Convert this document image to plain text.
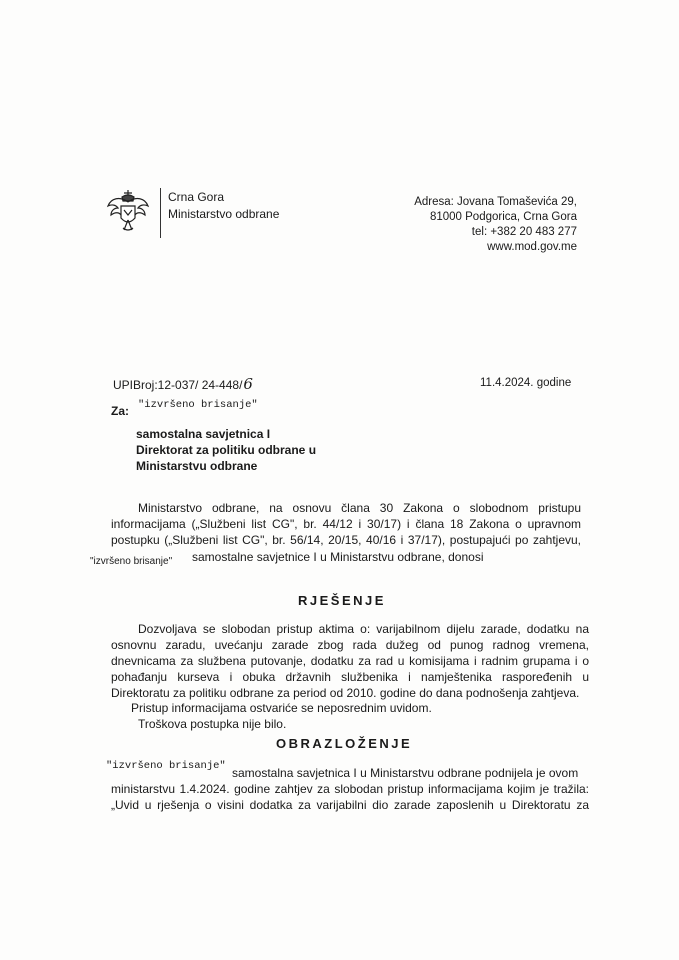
Crna Gora
Ministarstvo odbrane
Adresa: Jovana Tomaševića 29,
81000 Podgorica, Crna Gora
tel: +382 20 483 277
www.mod.gov.me
UPIBroj:12-037/ 24-448/6	11.4.2024. godine
Za: "izvršeno brisanje"
samostalna savjetnica I
Direktorat za politiku odbrane u
Ministarstvu odbrane
Ministarstvo odbrane, na osnovu člana 30 Zakona o slobodnom pristupu
informacijama („Službeni list CG", br. 44/12 i 30/17) i člana 18 Zakona o upravnom
postupku („Službeni list CG", br. 56/14, 20/15, 40/16 i 37/17), postupajući po zahtjevu,
"izvršeno brisanje" samostalne savjetnice I u Ministarstvu odbrane, donosi
RJEŠENJE
Dozvoljava se slobodan pristup aktima o: varijabilnom dijelu zarade, dodatku na
osnovnu zaradu, uvećanju zarade zbog rada dužeg od punog radnog vremena,
dnevnicama za službena putovanje, dodatku za rad u komisijama i radnim grupama i o
pohađanju kurseva i obuka državnih službenika i namještenika raspoređenih u
Direktoratu za politiku odbrane za period od 2010. godine do dana podnošenja zahtjeva.
Pristup informacijama ostvariće se neposrednim uvidom.
Troškova postupka nije bilo.
OBRAZLOŽENJE
"izvršeno brisanje" samostalna savjetnica I u Ministarstvu odbrane podnijela je ovom
ministarstvu 1.4.2024. godine zahtjev za slobodan pristup informacijama kojim je tražila:
„Uvid u rješenja o visini dodatka za varijabilni dio zarade zaposlenih u Direktoratu za
